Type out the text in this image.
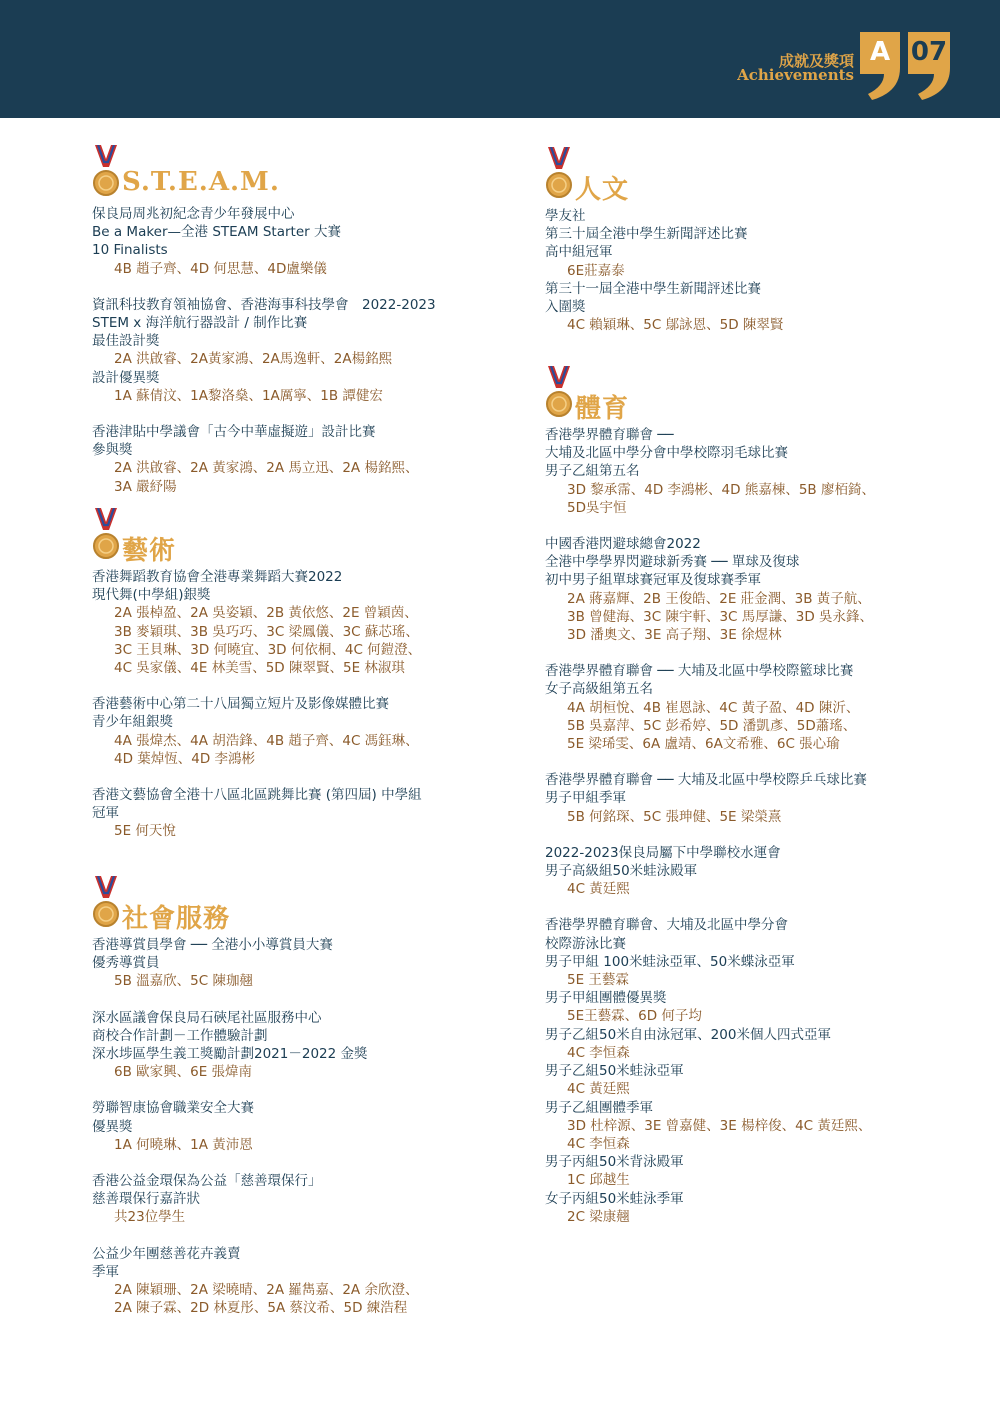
成就及獎項
Achievements
A 07
S.T.E.A.M.
保良局周兆初紀念青少年發展中心
Be a Maker—全港 STEAM Starter 大賽
10 Finalists
4B 趙子齊、4D 何思慧、4D盧樂儀
資訊科技教育領袖協會、香港海事科技學會　2022-2023
STEM x 海洋航行器設計 / 制作比賽
最佳設計獎
2A 洪啟睿、2A黃家鴻、2A馬逸軒、2A楊銘熙
設計優異獎
1A 蘇倩汶、1A黎洛燊、1A厲寧、1B 譚健宏
香港津貼中學議會「古今中華虛擬遊」設計比賽
參與獎
2A 洪啟睿、2A 黃家鴻、2A 馬立迅、2A 楊銘熙、
3A 嚴紓陽
藝術
香港舞蹈教育協會全港專業舞蹈大賽2022
現代舞(中學組)銀獎
2A 張棹盈、2A 吳姿穎、2B 黃依悠、2E 曾穎茵、
3B 麥穎琪、3B 吳巧巧、3C 梁鳳儀、3C 蘇芯瑤、
3C 王貝琳、3D 何曉宜、3D 何依桐、4C 何鎧澄、
4C 吳家儀、4E 林美雪、5D 陳翠賢、5E 林淑琪
香港藝術中心第二十八屆獨立短片及影像媒體比賽
青少年組銀獎
4A 張煒杰、4A 胡浩鋒、4B 趙子齊、4C 馮鈺琳、
4D 葉焯恆、4D 李鴻彬
香港文藝協會全港十八區北區跳舞比賽 (第四屆) 中學組
冠軍
5E 何天悅
社會服務
香港導賞員學會 ── 全港小小導賞員大賽
優秀導賞員
5B 溫嘉欣、5C 陳珈翹
深水區議會保良局石硤尾社區服務中心
商校合作計劃－工作體驗計劃
深水埗區學生義工獎勵計劃2021－2022 金獎
6B 歐家興、6E 張煒南
勞聯智康協會職業安全大賽
優異獎
1A 何曉琳、1A 黃沛恩
香港公益金環保為公益「慈善環保行」
慈善環保行嘉許狀
共23位學生
公益少年團慈善花卉義賣
季軍
2A 陳穎珊、2A 梁曉晴、2A 羅雋嘉、2A 余欣澄、
2A 陳子霖、2D 林夏彤、5A 蔡汶希、5D 練浩程
人文
學友社
第三十屆全港中學生新聞評述比賽
高中組冠軍
6E莊嘉泰
第三十一屆全港中學生新聞評述比賽
入圍獎
4C 賴穎琳、5C 鄔詠恩、5D 陳翠賢
體育
香港學界體育聯會 ──
大埔及北區中學分會中學校際羽毛球比賽
男子乙組第五名
3D 黎承霈、4D 李鴻彬、4D 熊嘉棟、5B 廖栢錡、
5D吳宇恒
中國香港閃避球總會2022
全港中學學界閃避球新秀賽 ── 單球及復球
初中男子組單球賽冠軍及復球賽季軍
2A 蔣嘉輝、2B 王俊皓、2E 莊金潤、3B 黃子航、
3B 曾健海、3C 陳宇軒、3C 馬厚謙、3D 吳永鋒、
3D 潘奧文、3E 高子翔、3E 徐煜林
香港學界體育聯會 ── 大埔及北區中學校際籃球比賽
女子高級組第五名
4A 胡桓悅、4B 崔恩詠、4C 黃子盈、4D 陳沂、
5B 吳嘉萍、5C 彭希婷、5D 潘凱彥、5D蕭瑤、
5E 梁琋雯、6A 盧靖、6A文希雅、6C 張心瑜
香港學界體育聯會 ── 大埔及北區中學校際乒乓球比賽
男子甲組季軍
5B 何銘琛、5C 張珅健、5E 梁榮熹
2022-2023保良局屬下中學聯校水運會
男子高級組50米蛙泳殿軍
4C 黃廷熙
香港學界體育聯會、大埔及北區中學分會
校際游泳比賽
男子甲組 100米蛙泳亞軍、50米蝶泳亞軍
5E 王藝霖
男子甲組團體優異獎
5E王藝霖、6D 何子均
男子乙組50米自由泳冠軍、200米個人四式亞軍
4C 李恒森
男子乙組50米蛙泳亞軍
4C 黃廷熙
男子乙組團體季軍
3D 杜梓源、3E 曾嘉健、3E 楊梓俊、4C 黃廷熙、
4C 李恒森
男子丙組50米背泳殿軍
1C 邱越生
女子丙組50米蛙泳季軍
2C 梁康翹
